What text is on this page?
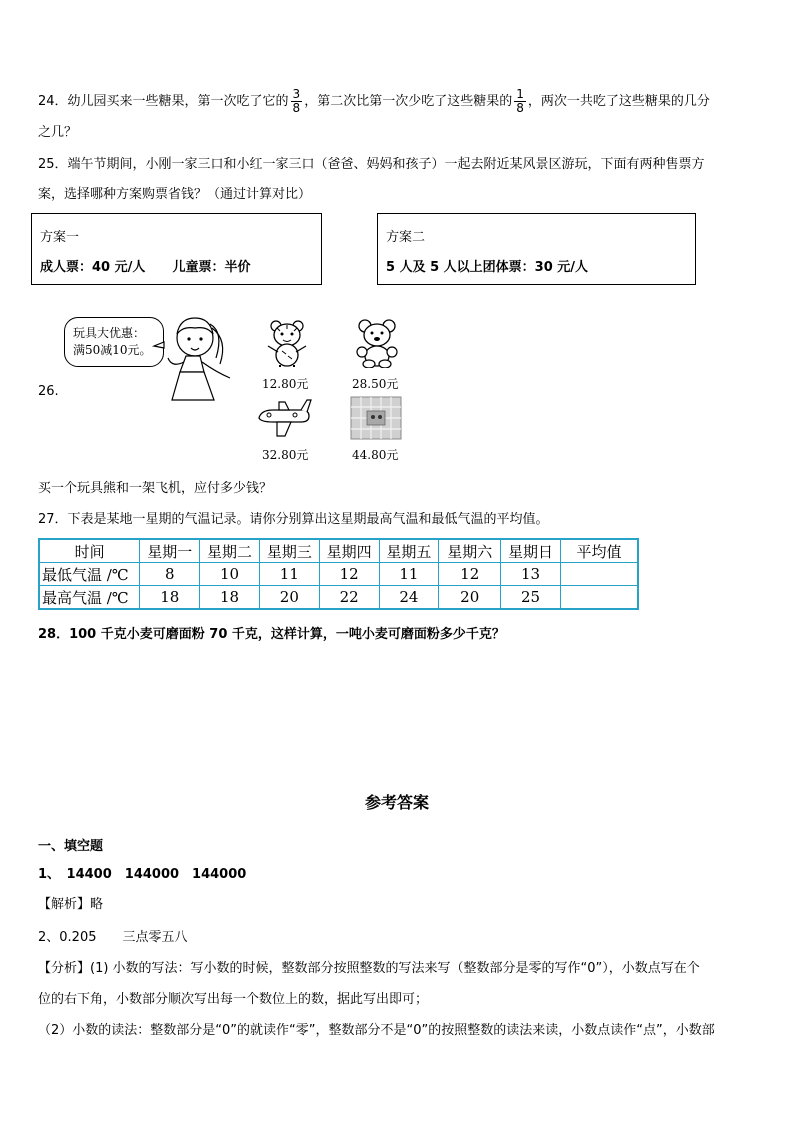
24．幼儿园买来一些糖果，第一次吃了它的 $\frac{3}{8}$ ，第二次比第一次少吃了这些糖果的 $\frac{1}{8}$ ，两次一共吃了这些糖果的几分
之几？
25．端午节期间，小刚一家三口和小红一家三口（爸爸、妈妈和孩子）一起去附近某风景区游玩，下面有两种售票方
案，选择哪种方案购票省钱？（通过计算对比）
方案一
成人票：40 元/人 儿童票：半价
方案二
5 人及 5 人以上团体票：30 元/人
26.
玩具大优惠：
满50减10元。
12.80元	28.50元
32.80元	44.80元
买一个玩具熊和一架飞机，应付多少钱？
27．下表是某地一星期的气温记录。请你分别算出这星期最高气温和最低气温的平均值。
时间	星期一	星期二	星期三	星期四	星期五	星期六	星期日	平均值
最低气温 /℃	8	10	11	12	11	12	13	
最高气温 /℃	18	18	20	22	24	20	25	
28．100 千克小麦可磨面粉 70 千克，这样计算，一吨小麦可磨面粉多少千克？
参考答案
一、填空题
1、　14400　144000　144000
【解析】略
2、0.205　　三点零五八
【分析】(1) 小数的写法：写小数的时候，整数部分按照整数的写法来写（整数部分是零的写作“0”），小数点写在个
位的右下角，小数部分顺次写出每一个数位上的数，据此写出即可；
（2）小数的读法：整数部分是“0”的就读作“零”，整数部分不是“0”的按照整数的读法来读，小数点读作“点”，小数部
